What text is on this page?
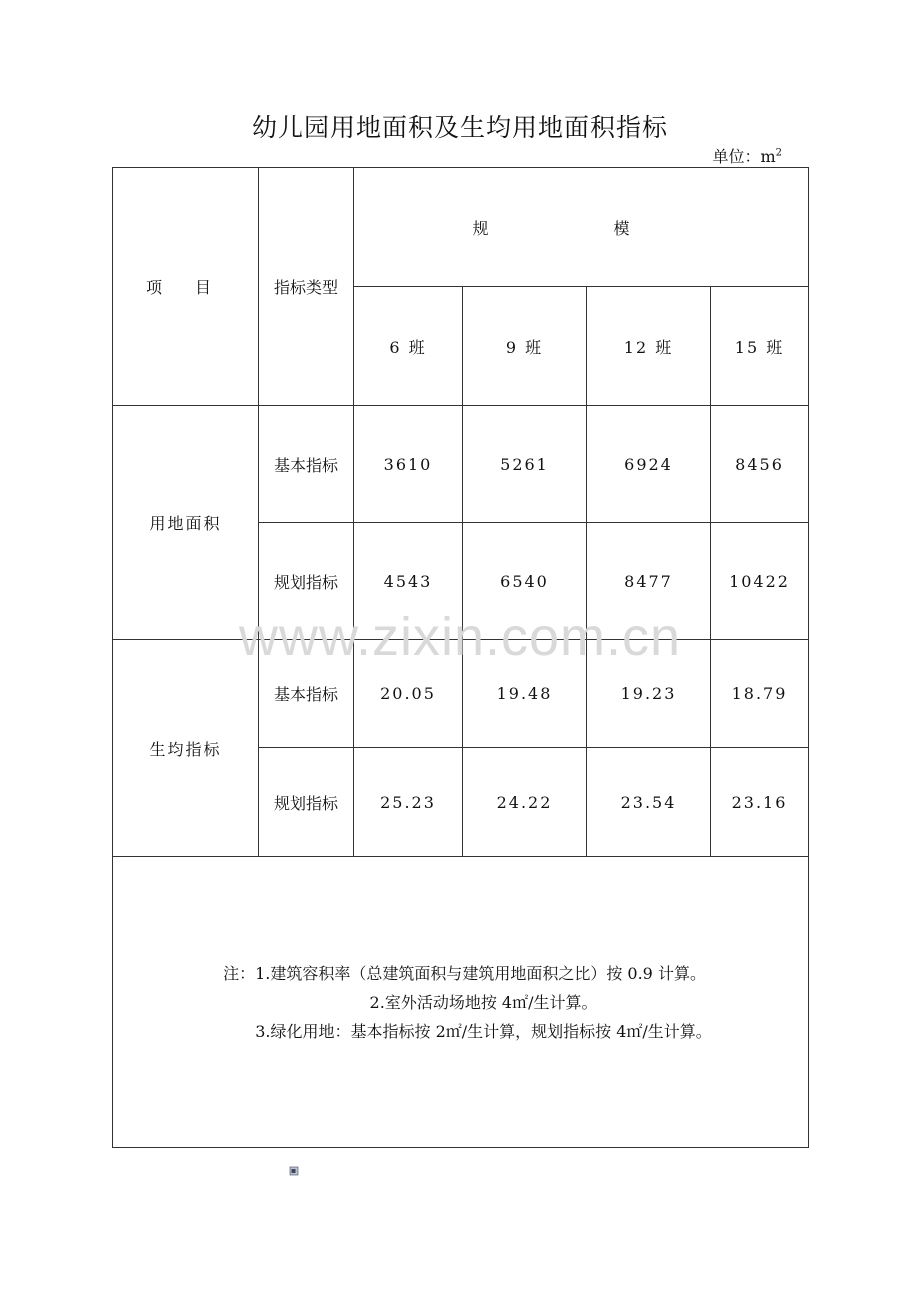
幼儿园用地面积及生均用地面积指标
单位：$m^2$
项 目	指标类型	规 模			
		6 班	9 班	12 班	15 班
用地面积	基本指标	3610	5261	6924	8456
	规划指标	4543	6540	8477	10422
生均指标	基本指标	20.05	19.48	19.23	18.79
	规划指标	25.23	24.22	23.54	23.16

注：1.建筑容积率（总建筑面积与建筑用地面积之比）按 0.9 计算。
2.室外活动场地按 4㎡/生计算。
3.绿化用地：基本指标按 2㎡/生计算，规划指标按 4㎡/生计算。					
www.zixin.com.cn
